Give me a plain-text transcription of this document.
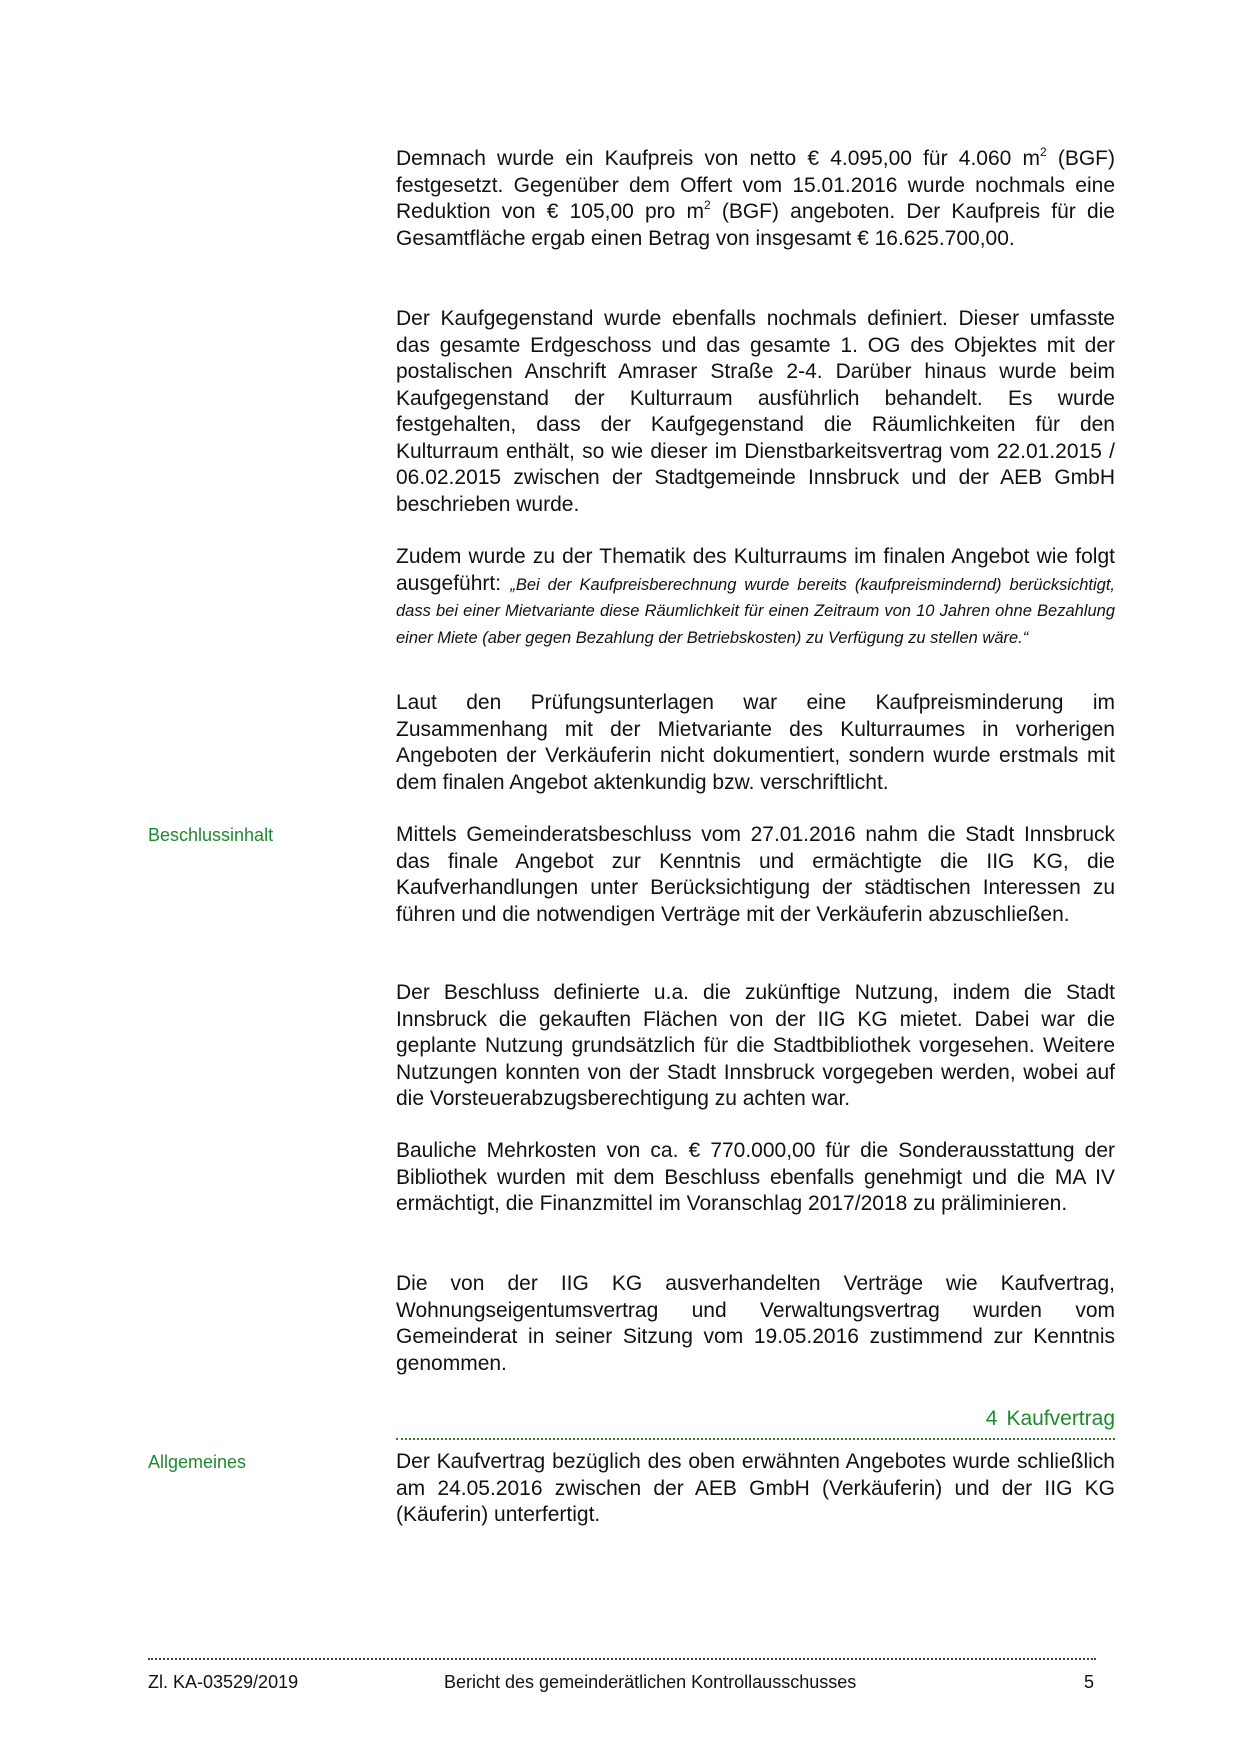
Demnach wurde ein Kaufpreis von netto € 4.095,00 für 4.060 $m^2$ (BGF) festgesetzt. Gegenüber dem Offert vom 15.01.2016 wurde nochmals eine Reduktion von € 105,00 pro $m^2$ (BGF) angeboten. Der Kaufpreis für die Gesamtfläche ergab einen Betrag von insgesamt € 16.625.700,00.

Der Kaufgegenstand wurde ebenfalls nochmals definiert. Dieser umfasste das gesamte Erdgeschoss und das gesamte 1. OG des Objektes mit der postalischen Anschrift Amraser Straße 2-4. Darüber hinaus wurde beim Kaufgegenstand der Kulturraum ausführlich behandelt. Es wurde festgehalten, dass der Kaufgegenstand die Räumlichkeiten für den Kulturraum enthält, so wie dieser im Dienstbarkeitsvertrag vom 22.01.2015 / 06.02.2015 zwischen der Stadtgemeinde Innsbruck und der AEB GmbH beschrieben wurde.

Zudem wurde zu der Thematik des Kulturraums im finalen Angebot wie folgt ausgeführt: „Bei der Kaufpreisberechnung wurde bereits (kaufpreismindernd) berücksichtigt, dass bei einer Mietvariante diese Räumlichkeit für einen Zeitraum von 10 Jahren ohne Bezahlung einer Miete (aber gegen Bezahlung der Betriebskosten) zu Verfügung zu stellen wäre.“

Laut den Prüfungsunterlagen war eine Kaufpreisminderung im Zusammenhang mit der Mietvariante des Kulturraumes in vorherigen Angeboten der Verkäuferin nicht dokumentiert, sondern wurde erstmals mit dem finalen Angebot aktenkundig bzw. verschriftlicht.

Beschlussinhalt	Mittels Gemeinderatsbeschluss vom 27.01.2016 nahm die Stadt Innsbruck das finale Angebot zur Kenntnis und ermächtigte die IIG KG, die Kaufverhandlungen unter Berücksichtigung der städtischen Interessen zu führen und die notwendigen Verträge mit der Verkäuferin abzuschließen.

Der Beschluss definierte u.a. die zukünftige Nutzung, indem die Stadt Innsbruck die gekauften Flächen von der IIG KG mietet. Dabei war die geplante Nutzung grundsätzlich für die Stadtbibliothek vorgesehen. Weitere Nutzungen konnten von der Stadt Innsbruck vorgegeben werden, wobei auf die Vorsteuerabzugsberechtigung zu achten war.

Bauliche Mehrkosten von ca. € 770.000,00 für die Sonderausstattung der Bibliothek wurden mit dem Beschluss ebenfalls genehmigt und die MA IV ermächtigt, die Finanzmittel im Voranschlag 2017/2018 zu präliminieren.

Die von der IIG KG ausverhandelten Verträge wie Kaufvertrag, Wohnungseigentumsvertrag und Verwaltungsvertrag wurden vom Gemeinderat in seiner Sitzung vom 19.05.2016 zustimmend zur Kenntnis genommen.

4 Kaufvertrag
Allgemeines	Der Kaufvertrag bezüglich des oben erwähnten Angebotes wurde schließlich am 24.05.2016 zwischen der AEB GmbH (Verkäuferin) und der IIG KG (Käuferin) unterfertigt.

Zl. KA-03529/2019	Bericht des gemeinderätlichen Kontrollausschusses	5
